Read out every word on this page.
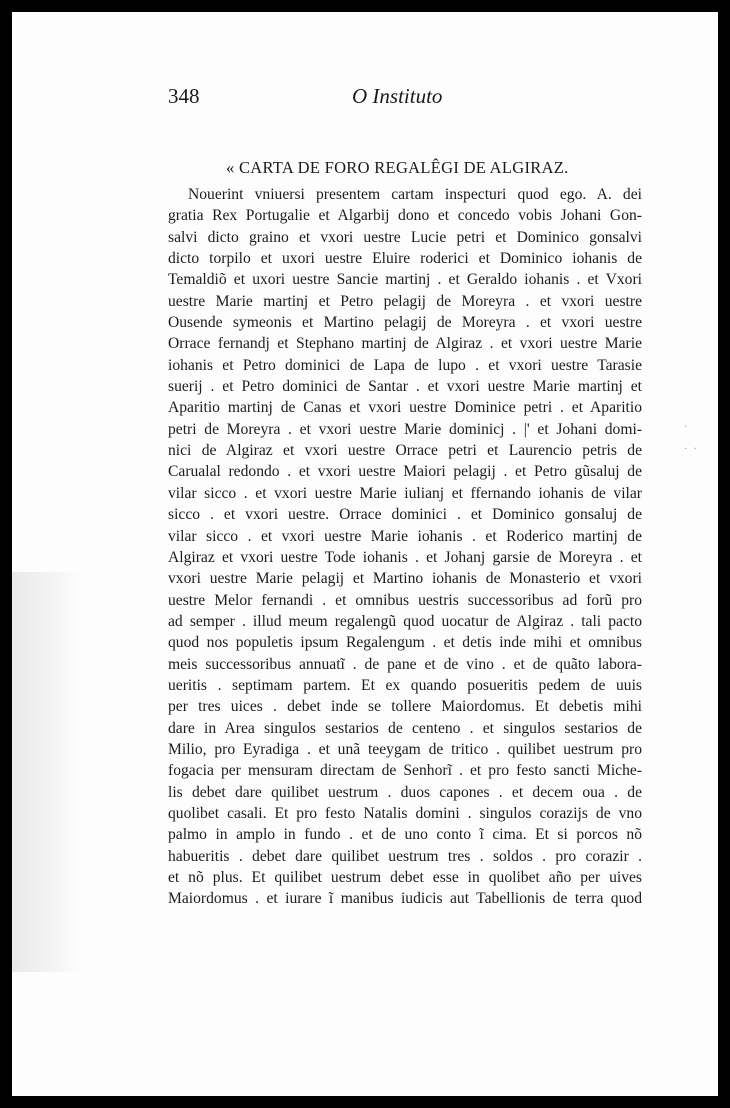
348	O Instituto
« CARTA DE FORO REGALÊGI DE ALGIRAZ.
Nouerint vniuersi presentem cartam inspecturi quod ego. A. dei
gratia Rex Portugalie et Algarbij dono et concedo vobis Johani Gon-
salvi dicto graino et vxori uestre Lucie petri et Dominico gonsalvi
dicto torpilo et uxori uestre Eluire roderici et Dominico iohanis de
Temaldiõ et uxori uestre Sancie martinj . et Geraldo iohanis . et Vxori
uestre Marie martinj et Petro pelagij de Moreyra . et vxori uestre
Ousende symeonis et Martino pelagij de Moreyra . et vxori uestre
Orrace fernandj et Stephano martinj de Algiraz . et vxori uestre Marie
iohanis et Petro dominici de Lapa de lupo . et vxori uestre Tarasie
suerij . et Petro dominici de Santar . et vxori uestre Marie martinj et
Aparitio martinj de Canas et vxori uestre Dominice petri . et Aparitio
petri de Moreyra . et vxori uestre Marie dominicj . |' et Johani domi-
nici de Algiraz et vxori uestre Orrace petri et Laurencio petris de
Carualal redondo . et vxori uestre Maiori pelagij . et Petro gũsaluj de
vilar sicco . et vxori uestre Marie iulianj et ffernando iohanis de vilar
sicco . et vxori uestre. Orrace dominici . et Dominico gonsaluj de
vilar sicco . et vxori uestre Marie iohanis . et Roderico martinj de
Algiraz et vxori uestre Tode iohanis . et Johanj garsie de Moreyra . et
vxori uestre Marie pelagij et Martino iohanis de Monasterio et vxori
uestre Melor fernandi . et omnibus uestris successoribus ad forũ pro
ad semper . illud meum regalengũ quod uocatur de Algiraz . tali pacto
quod nos populetis ipsum Regalengum . et detis inde mihi et omnibus
meis successoribus annuatĩ . de pane et de vino . et de quãto labora-
ueritis . septimam partem. Et ex quando posueritis pedem de uuis
per tres uices . debet inde se tollere Maiordomus. Et debetis mihi
dare in Area singulos sestarios de centeno . et singulos sestarios de
Milio, pro Eyradiga . et unã teeygam de tritico . quilibet uestrum pro
fogacia per mensuram directam de Senhorĩ . et pro festo sancti Miche-
lis debet dare quilibet uestrum . duos capones . et decem oua . de
quolibet casali. Et pro festo Natalis domini . singulos corazijs de vno
palmo in amplo in fundo . et de uno conto ĩ cima. Et si porcos nõ
habueritis . debet dare quilibet uestrum tres . soldos . pro corazir .
et nõ plus. Et quilibet uestrum debet esse in quolibet año per uives
Maiordomus . et iurare ĩ manibus iudicis aut Tabellionis de terra quod
·

·  ·
